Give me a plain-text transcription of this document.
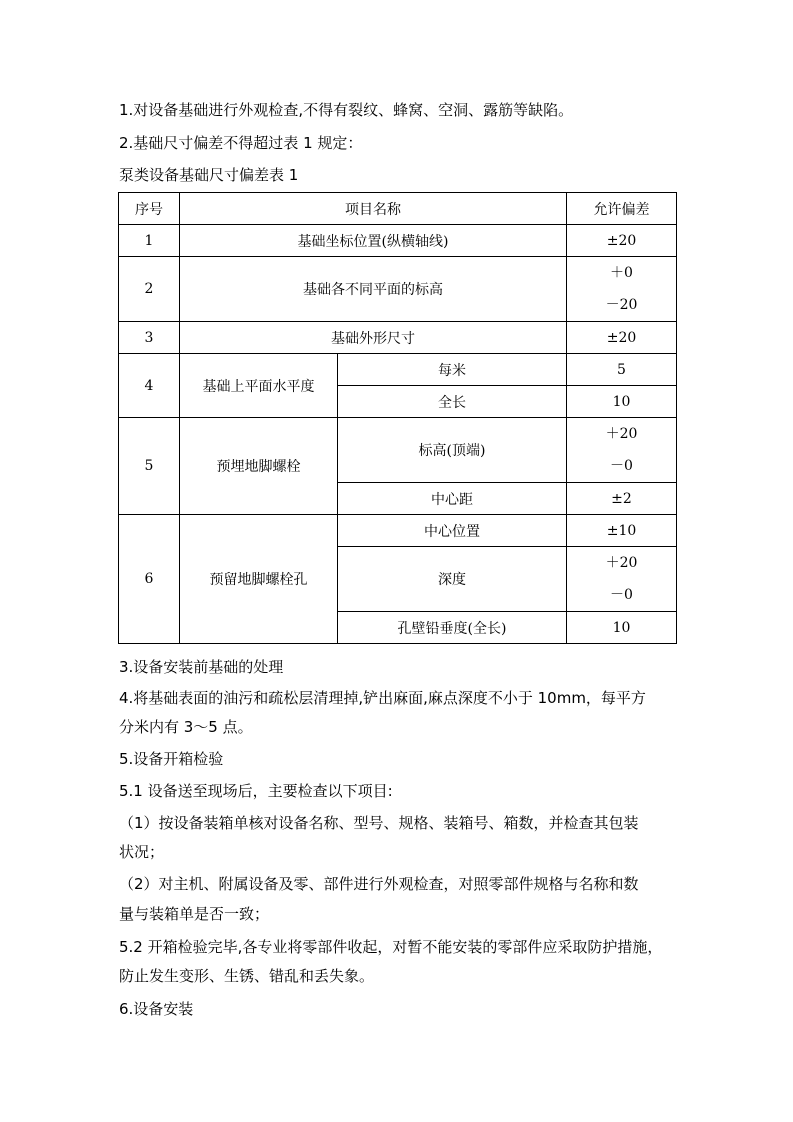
1.对设备基础进行外观检查,不得有裂纹、蜂窝、空洞、露筋等缺陷。

2.基础尺寸偏差不得超过表 1 规定：

泵类设备基础尺寸偏差表 1

序号	项目名称		允许偏差
1	基础坐标位置(纵横轴线)		±20
2	基础各不同平面的标高		＋0
－20

3	基础外形尺寸		±20
4	基础上平面水平度	每米	5
		全长	10
5	预埋地脚螺栓	标高(顶端)	＋20
－0

		中心距	±2
6	预留地脚螺栓孔	中心位置	±10
		深度	＋20
－0

		孔壁铅垂度(全长)	10

3.设备安装前基础的处理

4.将基础表面的油污和疏松层清理掉,铲出麻面,麻点深度不小于 10mm，每平方

分米内有 3～5 点。

5.设备开箱检验

5.1 设备送至现场后，主要检查以下项目:

（1）按设备装箱单核对设备名称、型号、规格、装箱号、箱数，并检查其包装

状况；

（2）对主机、附属设备及零、部件进行外观检查，对照零部件规格与名称和数

量与装箱单是否一致；

5.2 开箱检验完毕,各专业将零部件收起，对暂不能安装的零部件应采取防护措施，

防止发生变形、生锈、错乱和丢失象。

6.设备安装
